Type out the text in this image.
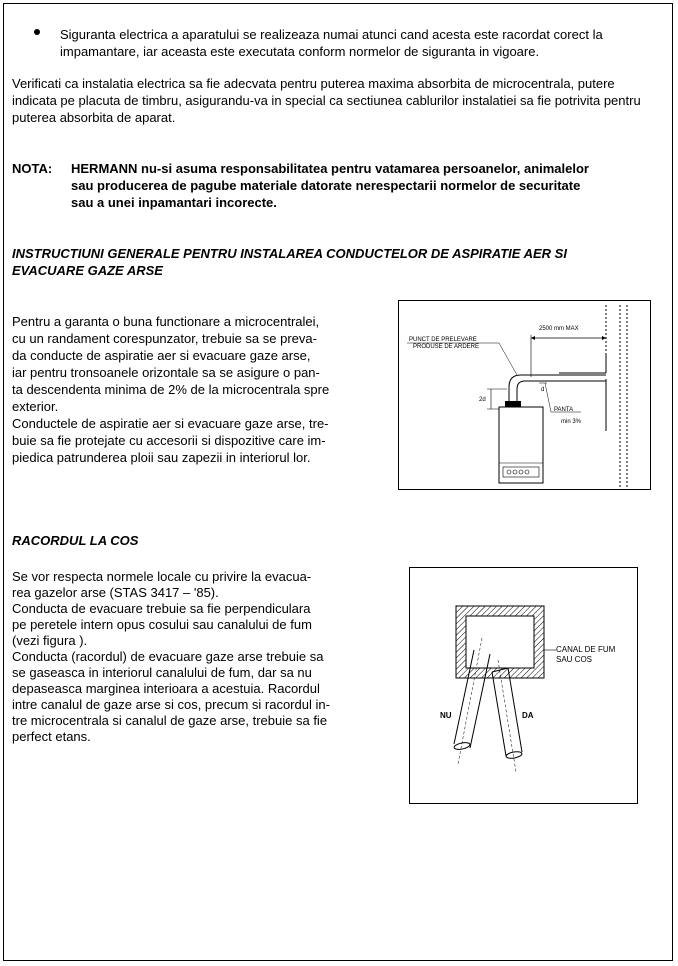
Siguranta electrica a aparatului se realizeaza numai atunci cand acesta este racordat corect la impamantare, iar aceasta este executata conform normelor de siguranta in vigoare.
Verificati ca instalatia electrica sa fie adecvata pentru puterea maxima absorbita de microcentrala, putere indicata pe placuta de timbru, asigurandu-va in special ca sectiunea cablurilor instalatiei sa fie potrivita pentru puterea absorbita de aparat.
NOTA: HERMANN nu-si asuma responsabilitatea pentru vatamarea persoanelor, animalelor
sau producerea de pagube materiale datorate nerespectarii normelor de securitate
sau a unei inpamantari incorecte.
INSTRUCTIUNI GENERALE PENTRU INSTALAREA CONDUCTELOR DE ASPIRATIE AER SI
EVACUARE GAZE ARSE
Pentru a garanta o buna functionare a microcentralei,
cu un randament corespunzator, trebuie sa se preva-
da conducte de aspiratie aer si evacuare gaze arse,
iar pentru tronsoanele orizontale sa se asigure o pan-
ta descendenta minima de 2% de la microcentrala spre
exterior.
Conductele de aspiratie aer si evacuare gaze arse, tre-
buie sa fie protejate cu accesorii si dispozitive care im-
piedica patrunderea ploii sau zapezii in interiorul lor.
2500 mm MAX
PUNCT DE PRELEVARE
PRODUSE DE ARDERE
2d
d
PANTA
min 3%
RACORDUL LA COS
Se vor respecta normele locale cu privire la evacua-
rea gazelor arse (STAS 3417 – '85).
Conducta de evacuare trebuie sa fie perpendiculara
pe peretele intern opus cosului sau canalului de fum
(vezi figura ).
Conducta (racordul) de evacuare gaze arse trebuie sa
se gaseasca in interiorul canalului de fum, dar sa nu
depaseasca marginea interioara a acestuia. Racordul
intre canalul de gaze arse si cos, precum si racordul in-
tre microcentrala si canalul de gaze arse, trebuie sa fie
perfect etans.
CANAL DE FUM
SAU COS
NU	DA
